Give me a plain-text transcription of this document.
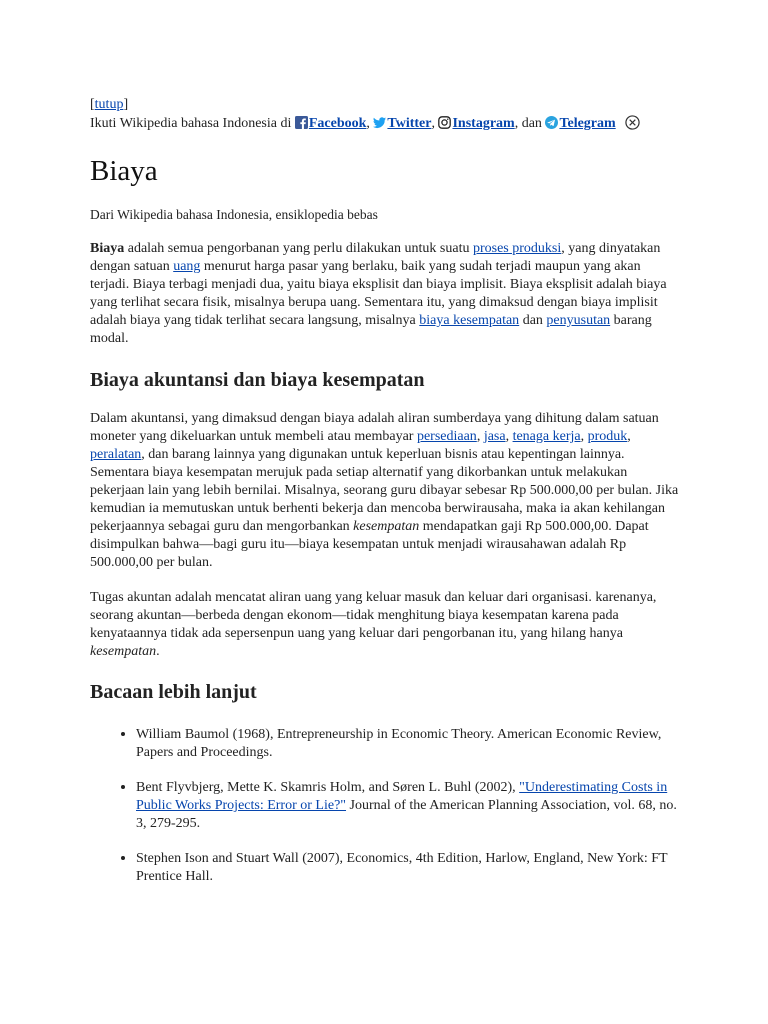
[tutup]
Ikuti Wikipedia bahasa Indonesia di Facebook, Twitter, Instagram, dan Telegram
Biaya

Dari Wikipedia bahasa Indonesia, ensiklopedia bebas

Biaya adalah semua pengorbanan yang perlu dilakukan untuk suatu proses produksi, yang dinyatakan dengan satuan uang menurut harga pasar yang berlaku, baik yang sudah terjadi maupun yang akan terjadi. Biaya terbagi menjadi dua, yaitu biaya eksplisit dan biaya implisit. Biaya eksplisit adalah biaya yang terlihat secara fisik, misalnya berupa uang. Sementara itu, yang dimaksud dengan biaya implisit adalah biaya yang tidak terlihat secara langsung, misalnya biaya kesempatan dan penyusutan barang modal.

Biaya akuntansi dan biaya kesempatan

Dalam akuntansi, yang dimaksud dengan biaya adalah aliran sumberdaya yang dihitung dalam satuan moneter yang dikeluarkan untuk membeli atau membayar persediaan, jasa, tenaga kerja, produk, peralatan, dan barang lainnya yang digunakan untuk keperluan bisnis atau kepentingan lainnya. Sementara biaya kesempatan merujuk pada setiap alternatif yang dikorbankan untuk melakukan pekerjaan lain yang lebih bernilai. Misalnya, seorang guru dibayar sebesar Rp 500.000,00 per bulan. Jika kemudian ia memutuskan untuk berhenti bekerja dan mencoba berwirausaha, maka ia akan kehilangan pekerjaannya sebagai guru dan mengorbankan kesempatan mendapatkan gaji Rp 500.000,00. Dapat disimpulkan bahwa—bagi guru itu—biaya kesempatan untuk menjadi wirausahawan adalah Rp 500.000,00 per bulan.

Tugas akuntan adalah mencatat aliran uang yang keluar masuk dan keluar dari organisasi. karenanya, seorang akuntan—berbeda dengan ekonom—tidak menghitung biaya kesempatan karena pada kenyataannya tidak ada sepersenpun uang yang keluar dari pengorbanan itu, yang hilang hanya kesempatan.

Bacaan lebih lanjut
• William Baumol (1968), Entrepreneurship in Economic Theory. American Economic Review, Papers and Proceedings.
• Bent Flyvbjerg, Mette K. Skamris Holm, and Søren L. Buhl (2002), "Underestimating Costs in Public Works Projects: Error or Lie?" Journal of the American Planning Association, vol. 68, no. 3, 279-295.
• Stephen Ison and Stuart Wall (2007), Economics, 4th Edition, Harlow, England, New York: FT Prentice Hall.
